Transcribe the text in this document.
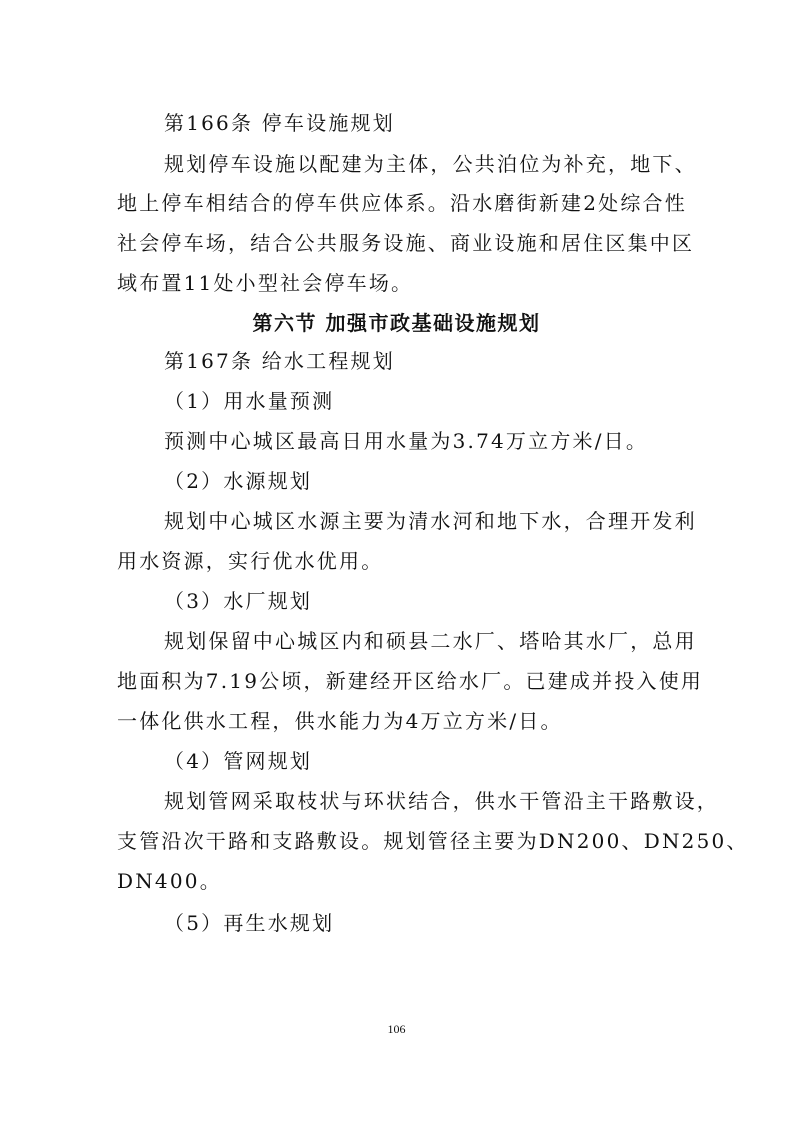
第166条 停车设施规划
规划停车设施以配建为主体，公共泊位为补充，地下、
地上停车相结合的停车供应体系。沿水磨街新建2处综合性
社会停车场，结合公共服务设施、商业设施和居住区集中区
域布置11处小型社会停车场。
第六节 加强市政基础设施规划
第167条 给水工程规划
（1）用水量预测
预测中心城区最高日用水量为3.74万立方米/日。
（2）水源规划
规划中心城区水源主要为清水河和地下水，合理开发利
用水资源，实行优水优用。
（3）水厂规划
规划保留中心城区内和硕县二水厂、塔哈其水厂，总用
地面积为7.19公顷，新建经开区给水厂。已建成并投入使用
一体化供水工程，供水能力为4万立方米/日。
（4）管网规划
规划管网采取枝状与环状结合，供水干管沿主干路敷设，
支管沿次干路和支路敷设。规划管径主要为DN200、DN250、
DN400。
（5）再生水规划
106
